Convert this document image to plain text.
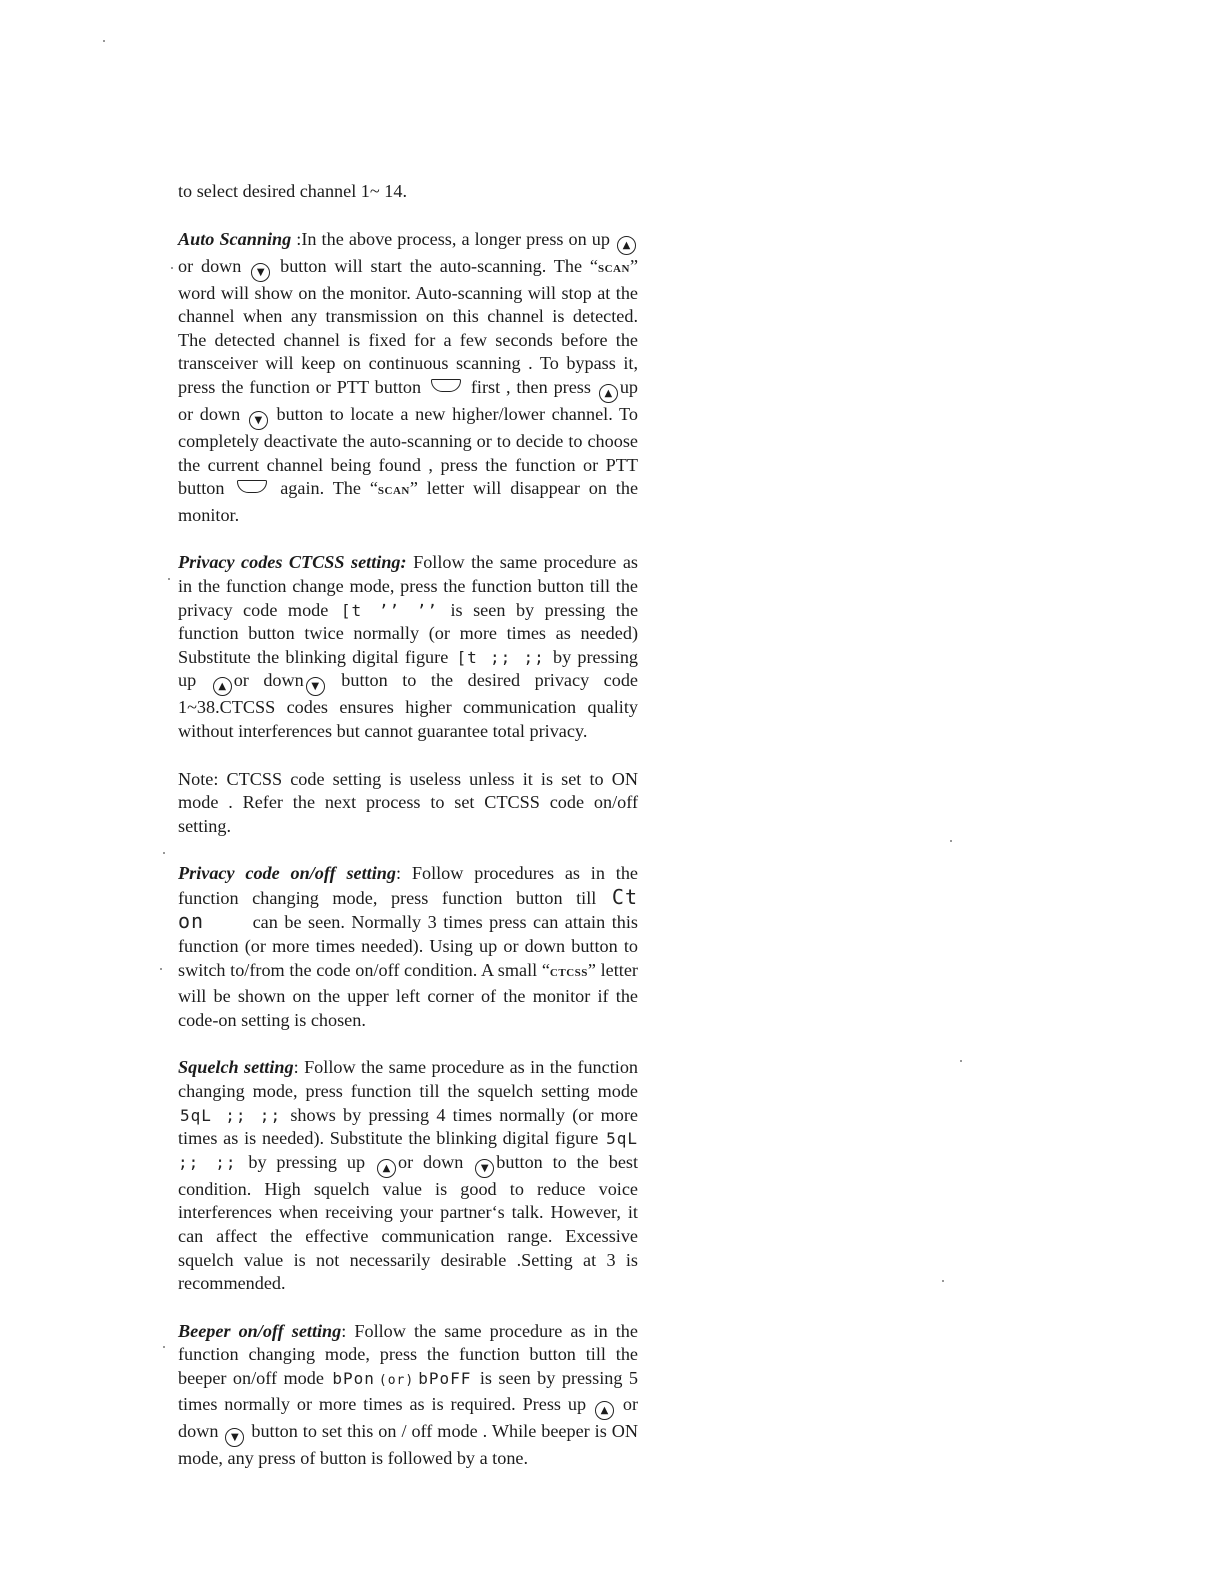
to select desired channel 1~ 14.

Auto Scanning :In the above process, a longer press on up ▲or down ▼ button will start the auto-scanning. The “SCAN” word will show on the monitor. Auto-scanning will stop at the channel when any transmission on this channel is detected. The detected channel is fixed for a few seconds before the transceiver will keep on continuous scanning . To bypass it, press the function or PTT button	first , then press ▲ up or down ▼ button to locate a new higher/lower channel. To completely deactivate the auto-scanning or to decide to choose the current channel being found , press the function or PTT button	again. The “SCAN” letter will disappear on the monitor.

Privacy codes CTCSS setting: Follow the same procedure as in the function change mode, press the function button till the privacy code mode [t ʼʼ ʼʼ is seen by pressing the function button twice normally (or more times as needed) Substitute the blinking digital figure [t ;; ;; by pressing up ▲ or down ▼ button to the desired privacy code 1~38.CTCSS codes ensures higher communication quality without interferences but cannot guarantee total privacy.

Note: CTCSS code setting is useless unless it is set to ON mode . Refer the next process to set CTCSS code on/off setting.

Privacy code on/off setting: Follow procedures as in the function changing mode, press function button till Ct on	can be seen. Normally 3 times press can attain this function (or more times needed). Using up or down button to switch to/from the code on/off condition. A small “CTCSS” letter will be shown on the upper left corner of the monitor if the code-on setting is chosen.

Squelch setting: Follow the same procedure as in the function changing mode, press function till the squelch setting mode 5qL ;; ;; shows by pressing 4 times normally (or more times as is needed). Substitute the blinking digital figure 5qL ;; ;; by pressing up ▲ or down ▼ button to the best condition. High squelch value is good to reduce voice interferences when receiving your partner‘s talk. However, it can affect the effective communication range. Excessive squelch value is not necessarily desirable .Setting at 3 is recommended.

Beeper on/off setting: Follow the same procedure as in the function changing mode, press the function button till the beeper on/off mode bPon (or) bPoFF is seen by pressing 5 times normally or more times as is required. Press up ▲ or down ▼ button to set this on / off mode . While beeper is ON mode, any press of button is followed by a tone.
